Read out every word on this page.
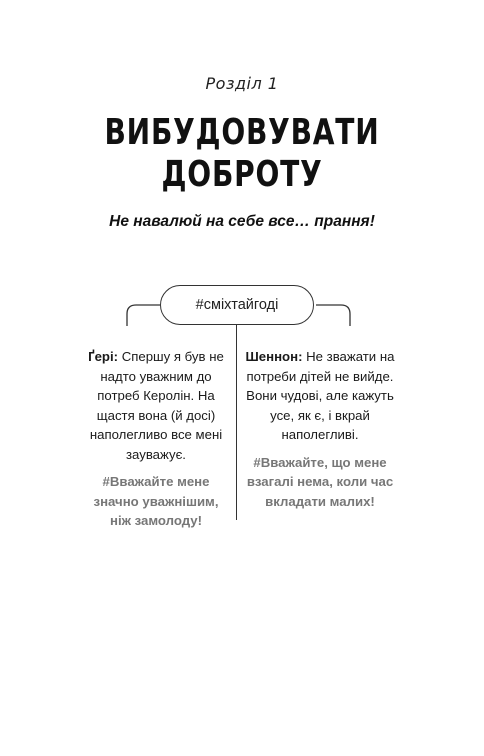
Розділ 1
ВИБУДОВУВАТИ
ДОБРОТУ
Не навалюй на себе все… прання!
#сміхтайгоді
Ґері: Спершу я був не надто уважним до потреб Керолін. На щастя вона (й досі) наполегливо все мені зауважує.
#Вважайте мене значно уважнішим, ніж замолоду!
Шеннон: Не зважати на потреби дітей не вийде. Вони чудові, але кажуть усе, як є, і вкрай наполегливі.
#Вважайте, що мене взагалі нема, коли час вкладати малих!
